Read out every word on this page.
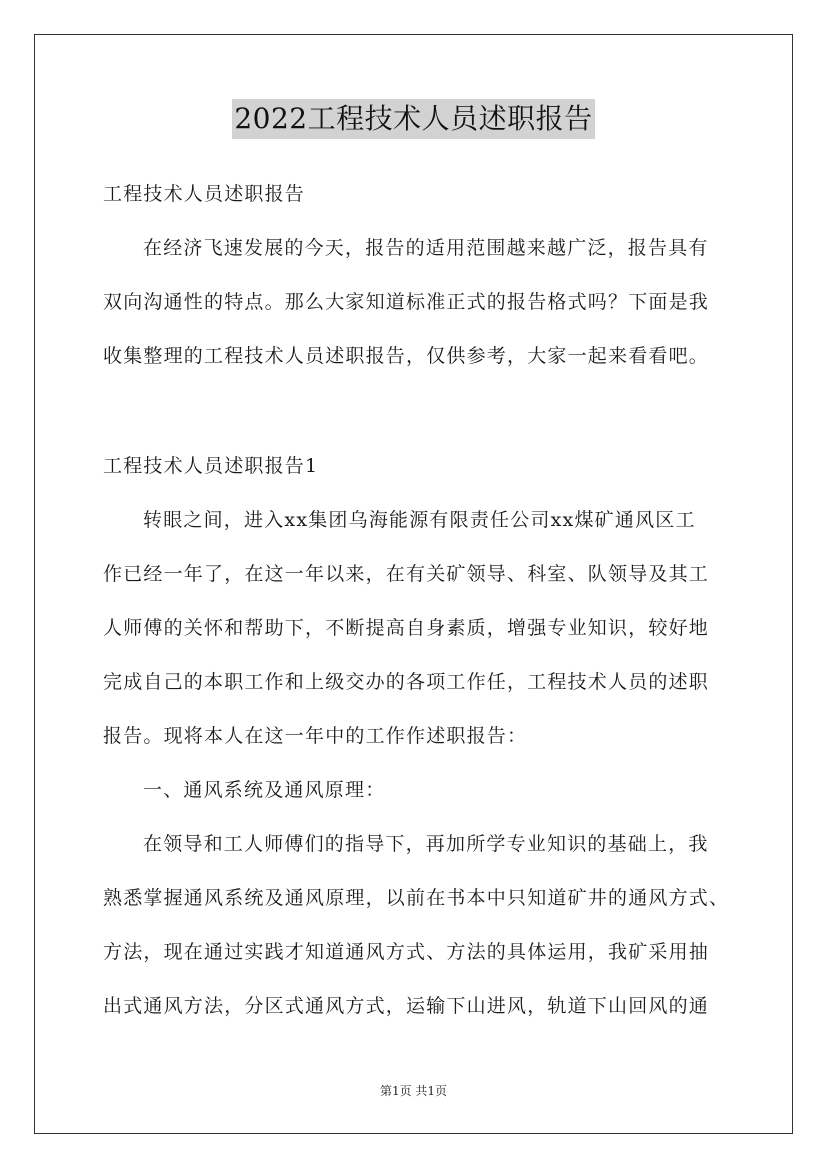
2022工程技术人员述职报告
工程技术人员述职报告
在经济飞速发展的今天，报告的适用范围越来越广泛，报告具有
双向沟通性的特点。那么大家知道标准正式的报告格式吗？下面是我
收集整理的工程技术人员述职报告，仅供参考，大家一起来看看吧。
工程技术人员述职报告1
转眼之间，进入xx集团乌海能源有限责任公司xx煤矿通风区工
作已经一年了，在这一年以来，在有关矿领导、科室、队领导及其工
人师傅的关怀和帮助下，不断提高自身素质，增强专业知识，较好地
完成自己的本职工作和上级交办的各项工作任，工程技术人员的述职
报告。现将本人在这一年中的工作作述职报告：
一、通风系统及通风原理：
在领导和工人师傅们的指导下，再加所学专业知识的基础上，我
熟悉掌握通风系统及通风原理，以前在书本中只知道矿井的通风方式、
方法，现在通过实践才知道通风方式、方法的具体运用，我矿采用抽
出式通风方法，分区式通风方式，运输下山进风，轨道下山回风的通
第1页 共1页
